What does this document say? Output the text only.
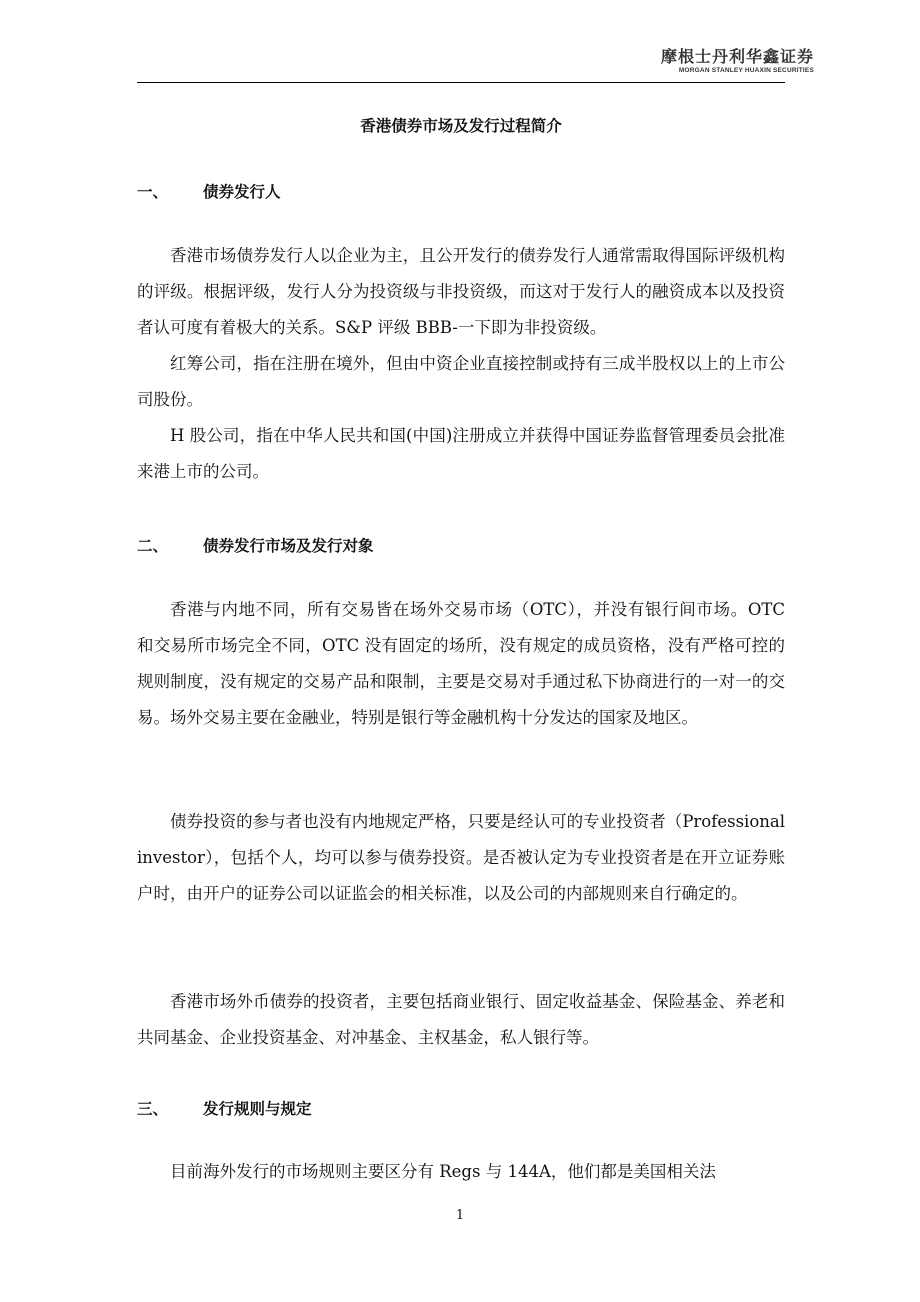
摩根士丹利华鑫证券
MORGAN STANLEY HUAXIN SECURITIES
香港债券市场及发行过程简介
一、 债券发行人

香港市场债券发行人以企业为主，且公开发行的债券发行人通常需取得国际评级机构的评级。根据评级，发行人分为投资级与非投资级，而这对于发行人的融资成本以及投资者认可度有着极大的关系。S&P 评级 BBB-一下即为非投资级。

红筹公司，指在注册在境外，但由中资企业直接控制或持有三成半股权以上的上市公司股份。

H 股公司，指在中华人民共和国(中国)注册成立并获得中国证券监督管理委员会批准来港上市的公司。

二、 债券发行市场及发行对象

香港与内地不同，所有交易皆在场外交易市场（OTC），并没有银行间市场。OTC 和交易所市场完全不同，OTC 没有固定的场所，没有规定的成员资格，没有严格可控的规则制度，没有规定的交易产品和限制，主要是交易对手通过私下协商进行的一对一的交易。场外交易主要在金融业，特别是银行等金融机构十分发达的国家及地区。

债券投资的参与者也没有内地规定严格，只要是经认可的专业投资者（Professional investor），包括个人，均可以参与债券投资。是否被认定为专业投资者是在开立证券账户时，由开户的证券公司以证监会的相关标准，以及公司的内部规则来自行确定的。

香港市场外币债券的投资者，主要包括商业银行、固定收益基金、保险基金、养老和共同基金、企业投资基金、对冲基金、主权基金，私人银行等。

三、 发行规则与规定

目前海外发行的市场规则主要区分有 Regs 与 144A，他们都是美国相关法

1
